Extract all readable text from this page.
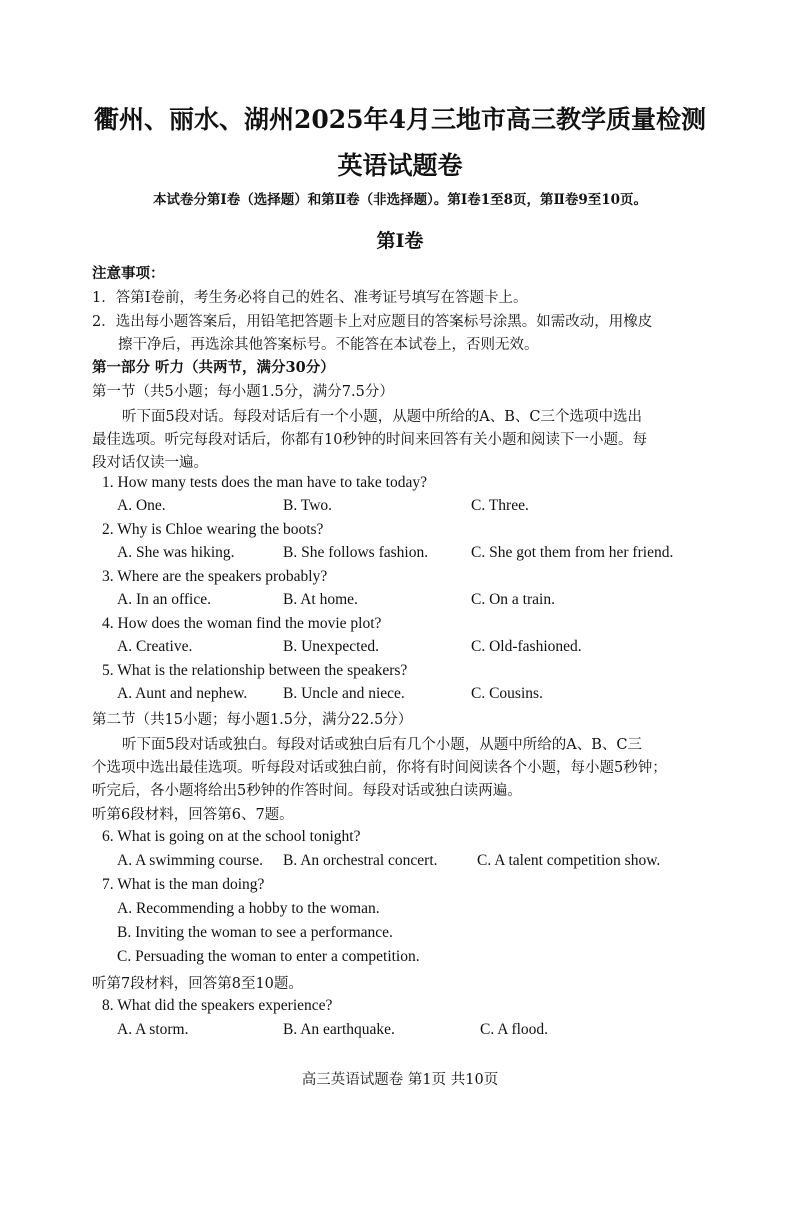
衢州、丽水、湖州2025年4月三地市高三教学质量检测
英语试题卷
本试卷分第Ⅰ卷（选择题）和第Ⅱ卷（非选择题）。第Ⅰ卷1至8页，第Ⅱ卷9至10页。
第Ⅰ卷
注意事项：
1．答第Ⅰ卷前，考生务必将自己的姓名、准考证号填写在答题卡上。
2．选出每小题答案后，用铅笔把答题卡上对应题目的答案标号涂黑。如需改动，用橡皮
擦干净后，再选涂其他答案标号。不能答在本试卷上，否则无效。
第一部分 听力（共两节，满分30分）
第一节（共5小题；每小题1.5分，满分7.5分）
听下面5段对话。每段对话后有一个小题，从题中所给的A、B、C三个选项中选出
最佳选项。听完每段对话后，你都有10秒钟的时间来回答有关小题和阅读下一小题。每
段对话仅读一遍。
1. How many tests does the man have to take today?
A. One.	B. Two.	C. Three.
2. Why is Chloe wearing the boots?
A. She was hiking.	B. She follows fashion.	C. She got them from her friend.
3. Where are the speakers probably?
A. In an office.	B. At home.	C. On a train.
4. How does the woman find the movie plot?
A. Creative.	B. Unexpected.	C. Old-fashioned.
5. What is the relationship between the speakers?
A. Aunt and nephew. B. Uncle and niece.	C. Cousins.
第二节（共15小题；每小题1.5分，满分22.5分）
听下面5段对话或独白。每段对话或独白后有几个小题，从题中所给的A、B、C三
个选项中选出最佳选项。听每段对话或独白前，你将有时间阅读各个小题，每小题5秒钟；
听完后，各小题将给出5秒钟的作答时间。每段对话或独白读两遍。
听第6段材料，回答第6、7题。
6. What is going on at the school tonight?
A. A swimming course. B. An orchestral concert.	C. A talent competition show.
7. What is the man doing?
A. Recommending a hobby to the woman.
B. Inviting the woman to see a performance.
C. Persuading the woman to enter a competition.
听第7段材料，回答第8至10题。
8. What did the speakers experience?
A. A storm.	B. An earthquake.	C. A flood.
高三英语试题卷 第1页 共10页
